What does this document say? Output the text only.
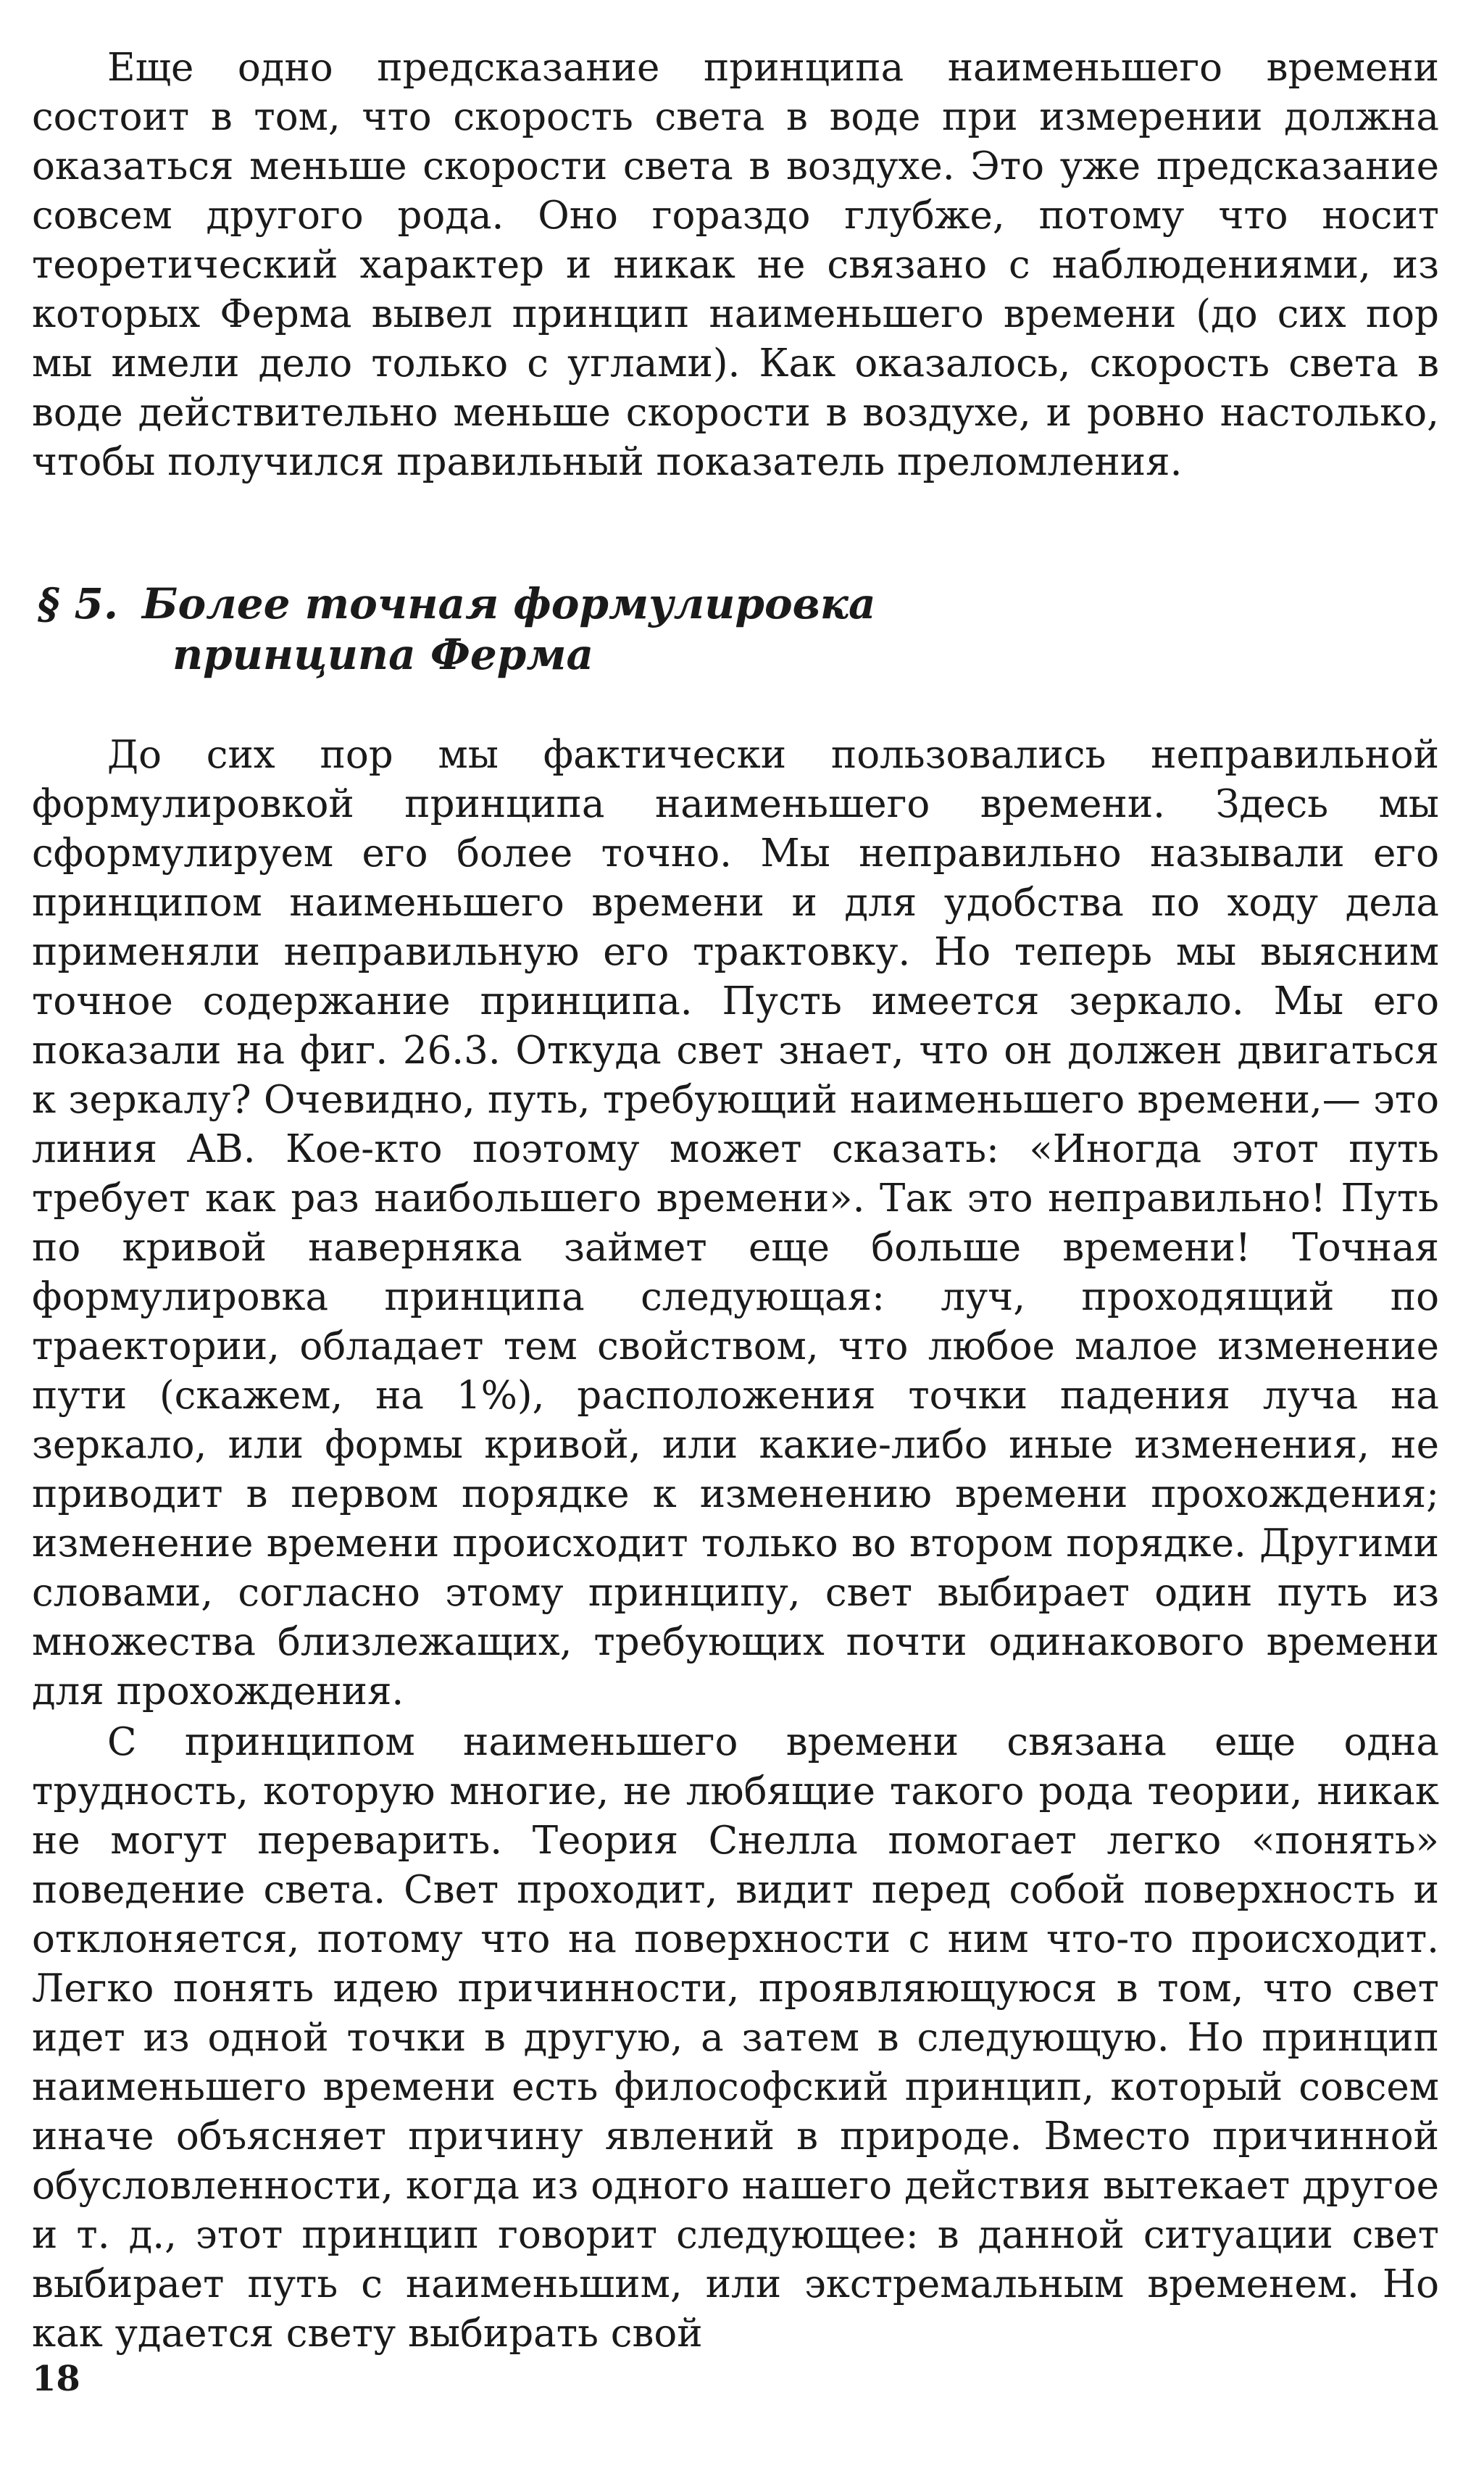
Еще одно предсказание принципа наименьшего времени состоит в том, что скорость света в воде при измерении должна оказаться меньше скорости света в воздухе. Это уже предсказание совсем другого рода. Оно гораздо глубже, потому что носит теоретический характер и никак не связано с наблюдениями, из которых Ферма вывел принцип наименьшего времени (до сих пор мы имели дело только с углами). Как оказалось, скорость света в воде действительно меньше скорости в воздухе, и ровно настолько, чтобы получился правильный показатель преломления.

§ 5. Более точная формулировка
принципа Ферма

До сих пор мы фактически пользовались неправильной формулировкой принципа наименьшего времени. Здесь мы сформулируем его более точно. Мы неправильно называли его принципом наименьшего времени и для удобства по ходу дела применяли неправильную его трактовку. Но теперь мы выясним точное содержание принципа. Пусть имеется зеркало. Мы его показали на фиг. 26.3. Откуда свет знает, что он должен двигаться к зеркалу? Очевидно, путь, требующий наименьшего времени,— это линия AB. Кое-кто поэтому может сказать: «Иногда этот путь требует как раз наибольшего времени». Так это неправильно! Путь по кривой наверняка займет еще больше времени! Точная формулировка принципа следующая: луч, проходящий по траектории, обладает тем свойством, что любое малое изменение пути (скажем, на 1%), расположения точки падения луча на зеркало, или формы кривой, или какие-либо иные изменения, не приводит в первом порядке к изменению времени прохождения; изменение времени происходит только во втором порядке. Другими словами, согласно этому принципу, свет выбирает один путь из множества близлежащих, требующих почти одинакового времени для прохождения.

С принципом наименьшего времени связана еще одна трудность, которую многие, не любящие такого рода теории, никак не могут переварить. Теория Снелла помогает легко «понять» поведение света. Свет проходит, видит перед собой поверхность и отклоняется, потому что на поверхности с ним что-то происходит. Легко понять идею причинности, проявляющуюся в том, что свет идет из одной точки в другую, а затем в следующую. Но принцип наименьшего времени есть философский принцип, который совсем иначе объясняет причину явлений в природе. Вместо причинной обусловленности, когда из одного нашего действия вытекает другое и т. д., этот принцип говорит следующее: в данной ситуации свет выбирает путь с наименьшим, или экстремальным временем. Но как удается свету выбирать свой

18
